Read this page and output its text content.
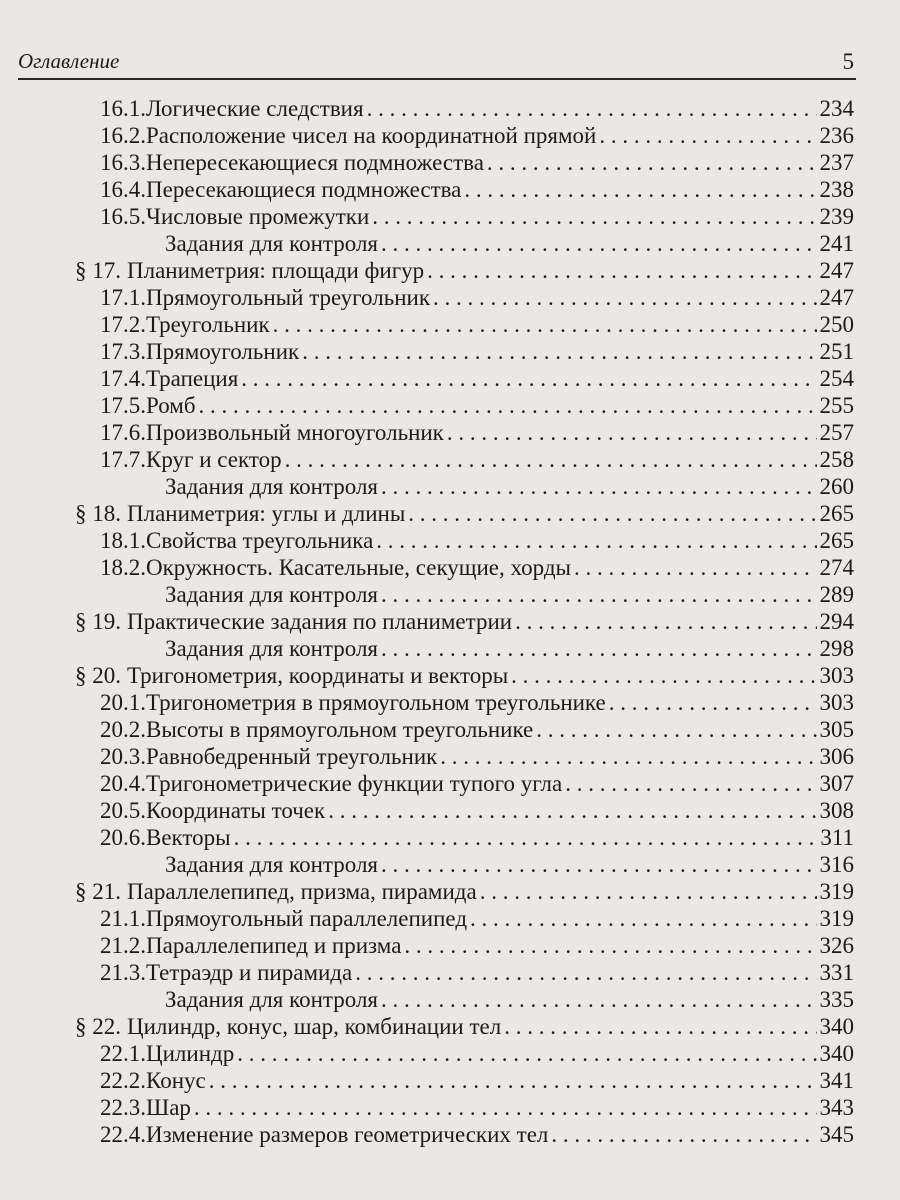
Оглавление	5
16.1. Логические следствия . . .	234
16.2. Расположение чисел на координатной прямой . . .	236
16.3. Непересекающиеся подмножества . . .	237
16.4. Пересекающиеся подмножества . . .	238
16.5. Числовые промежутки . . .	239
Задания для контроля . . .	241
§ 17. Планиметрия: площади фигур . . .	247
17.1. Прямоугольный треугольник . . .	247
17.2. Треугольник . . .	250
17.3. Прямоугольник . . .	251
17.4. Трапеция . . .	254
17.5. Ромб . . .	255
17.6. Произвольный многоугольник . . .	257
17.7. Круг и сектор . . .	258
Задания для контроля . . .	260
§ 18. Планиметрия: углы и длины . . .	265
18.1. Свойства треугольника . . .	265
18.2. Окружность. Касательные, секущие, хорды . . .	274
Задания для контроля . . .	289
§ 19. Практические задания по планиметрии . . .	294
Задания для контроля . . .	298
§ 20. Тригонометрия, координаты и векторы . . .	303
20.1. Тригонометрия в прямоугольном треугольнике . . .	303
20.2. Высоты в прямоугольном треугольнике . . .	305
20.3. Равнобедренный треугольник . . .	306
20.4. Тригонометрические функции тупого угла . . .	307
20.5. Координаты точек . . .	308
20.6. Векторы . . .	311
Задания для контроля . . .	316
§ 21. Параллелепипед, призма, пирамида . . .	319
21.1. Прямоугольный параллелепипед . . .	319
21.2. Параллелепипед и призма . . .	326
21.3. Тетраэдр и пирамида . . .	331
Задания для контроля . . .	335
§ 22. Цилиндр, конус, шар, комбинации тел . . .	340
22.1. Цилиндр . . .	340
22.2. Конус . . .	341
22.3. Шар . . .	343
22.4. Изменение размеров геометрических тел . . .	345
